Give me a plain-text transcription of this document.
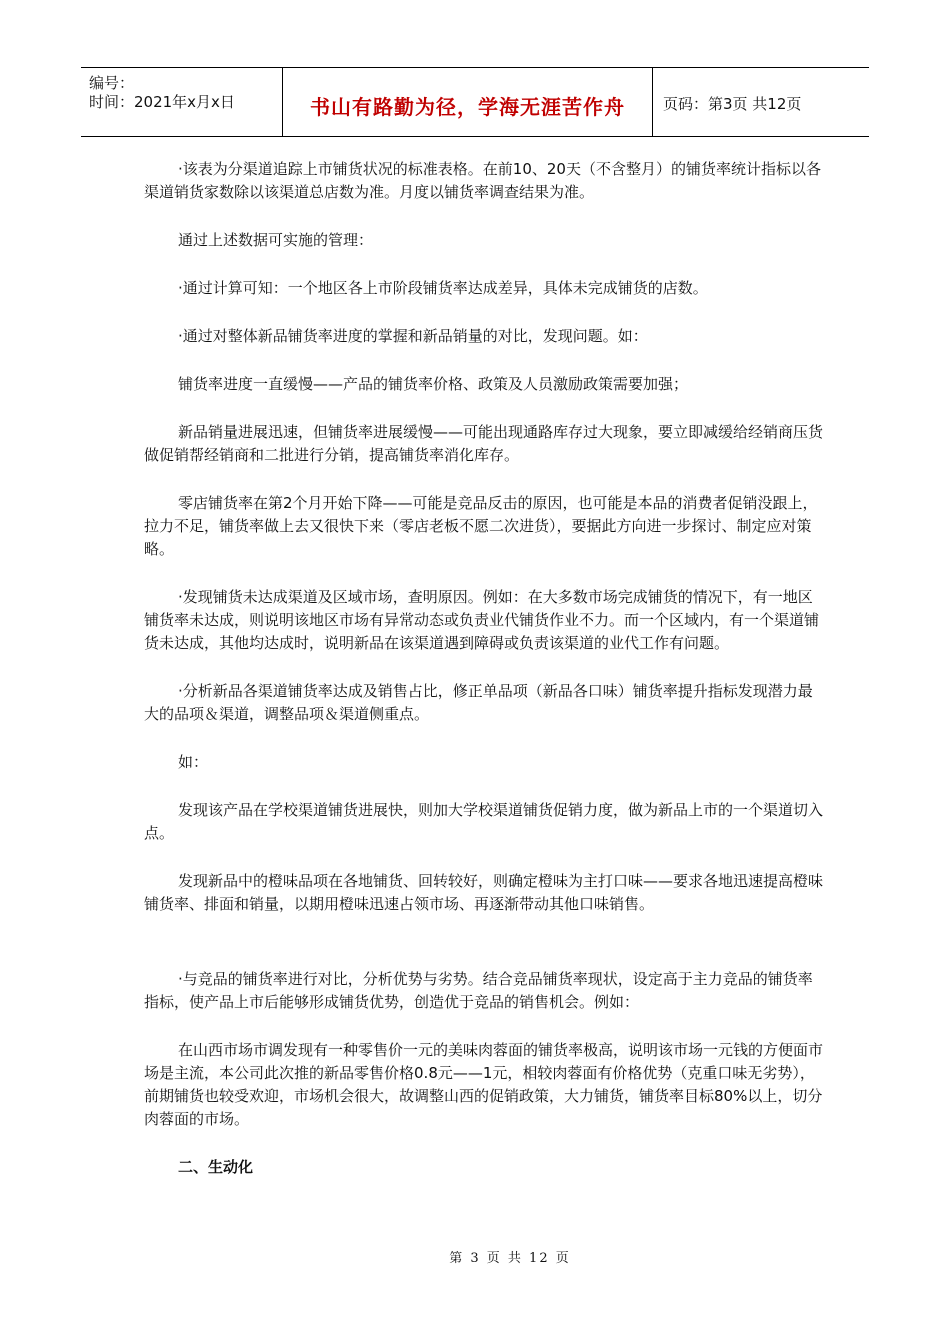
编号：
时间：2021年x月x日	书山有路勤为径，学海无涯苦作舟	页码：第3页 共12页

·该表为分渠道追踪上市铺货状况的标准表格。在前10、20天（不含整月）的铺货率统计指标以各渠道销货家数除以该渠道总店数为准。月度以铺货率调查结果为准。

通过上述数据可实施的管理：

·通过计算可知：一个地区各上市阶段铺货率达成差异，具体未完成铺货的店数。

·通过对整体新品铺货率进度的掌握和新品销量的对比，发现问题。如：

铺货率进度一直缓慢——产品的铺货率价格、政策及人员激励政策需要加强；

新品销量进展迅速，但铺货率进展缓慢——可能出现通路库存过大现象，要立即减缓给经销商压货做促销帮经销商和二批进行分销，提高铺货率消化库存。

零店铺货率在第2个月开始下降——可能是竞品反击的原因，也可能是本品的消费者促销没跟上，拉力不足，铺货率做上去又很快下来（零店老板不愿二次进货），要据此方向进一步探讨、制定应对策略。

·发现铺货未达成渠道及区域市场，查明原因。例如：在大多数市场完成铺货的情况下，有一地区铺货率未达成，则说明该地区市场有异常动态或负责业代铺货作业不力。而一个区域内，有一个渠道铺货未达成，其他均达成时，说明新品在该渠道遇到障碍或负责该渠道的业代工作有问题。

·分析新品各渠道铺货率达成及销售占比，修正单品项（新品各口味）铺货率提升指标发现潜力最大的品项＆渠道，调整品项＆渠道侧重点。

如：

发现该产品在学校渠道铺货进展快，则加大学校渠道铺货促销力度，做为新品上市的一个渠道切入点。

发现新品中的橙味品项在各地铺货、回转较好，则确定橙味为主打口味——要求各地迅速提高橙味铺货率、排面和销量，以期用橙味迅速占领市场、再逐渐带动其他口味销售。

·与竞品的铺货率进行对比，分析优势与劣势。结合竞品铺货率现状，设定高于主力竞品的铺货率指标，使产品上市后能够形成铺货优势，创造优于竞品的销售机会。例如：

在山西市场市调发现有一种零售价一元的美味肉蓉面的铺货率极高，说明该市场一元钱的方便面市场是主流，本公司此次推的新品零售价格0.8元——1元，相较肉蓉面有价格优势（克重口味无劣势），前期铺货也较受欢迎，市场机会很大，故调整山西的促销政策，大力铺货，铺货率目标80%以上，切分肉蓉面的市场。

二、生动化

第 3 页 共 12 页
